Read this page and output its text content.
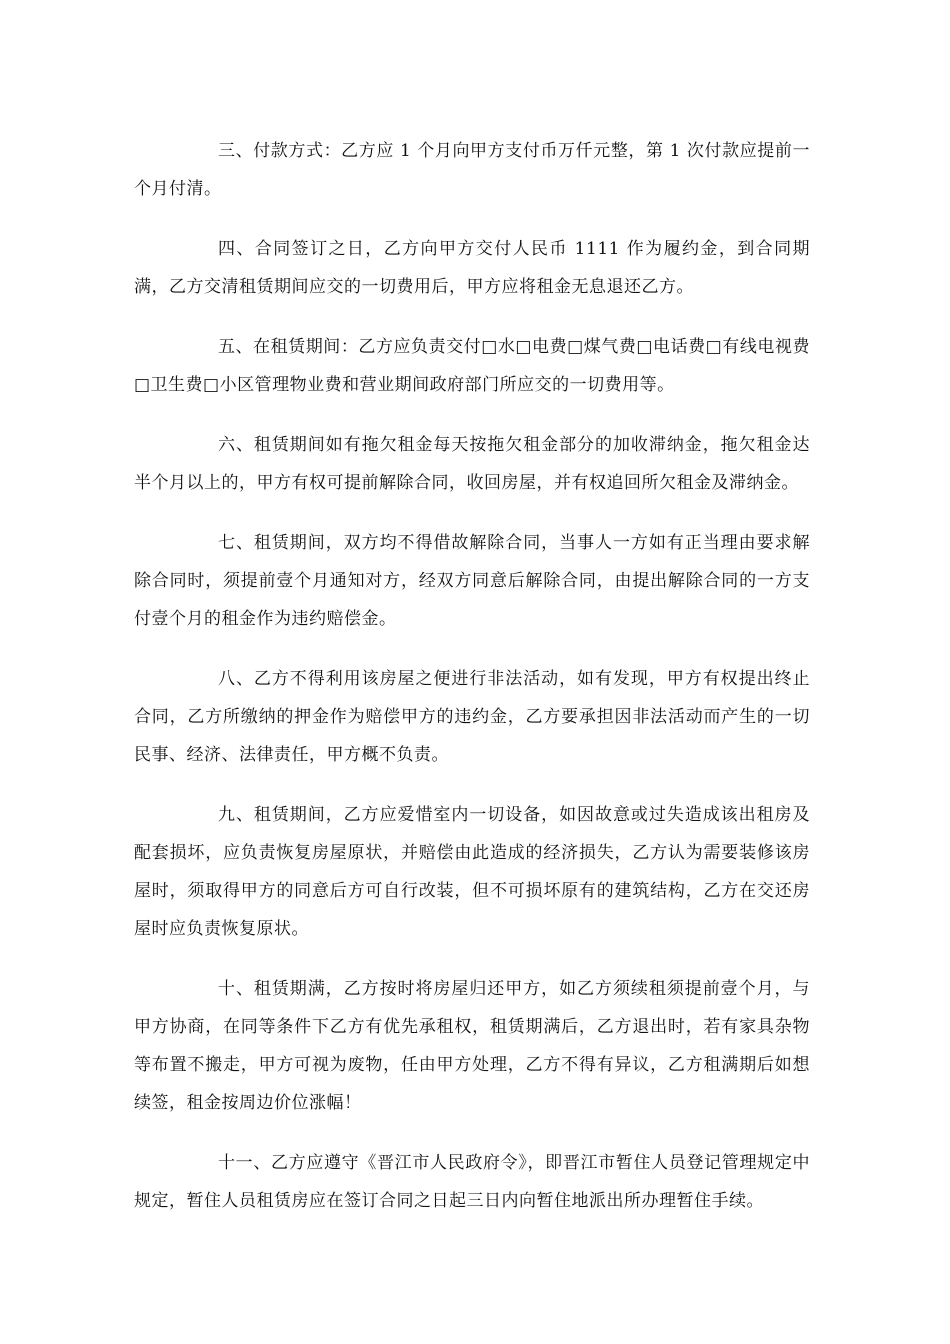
三、付款方式：乙方应 1 个月向甲方支付币万仟元整，第 1 次付款应提前一个月付清。

四、合同签订之日，乙方向甲方交付人民币 1111 作为履约金，到合同期满，乙方交清租赁期间应交的一切费用后，甲方应将租金无息退还乙方。

五、在租赁期间：乙方应负责交付□水□电费□煤气费□电话费□有线电视费□卫生费□小区管理物业费和营业期间政府部门所应交的一切费用等。

六、租赁期间如有拖欠租金每天按拖欠租金部分的加收滞纳金，拖欠租金达半个月以上的，甲方有权可提前解除合同，收回房屋，并有权追回所欠租金及滞纳金。

七、租赁期间，双方均不得借故解除合同，当事人一方如有正当理由要求解除合同时，须提前壹个月通知对方，经双方同意后解除合同，由提出解除合同的一方支付壹个月的租金作为违约赔偿金。

八、乙方不得利用该房屋之便进行非法活动，如有发现，甲方有权提出终止合同，乙方所缴纳的押金作为赔偿甲方的违约金，乙方要承担因非法活动而产生的一切民事、经济、法律责任，甲方概不负责。

九、租赁期间，乙方应爱惜室内一切设备，如因故意或过失造成该出租房及配套损坏，应负责恢复房屋原状，并赔偿由此造成的经济损失，乙方认为需要装修该房屋时，须取得甲方的同意后方可自行改装，但不可损坏原有的建筑结构，乙方在交还房屋时应负责恢复原状。

十、租赁期满，乙方按时将房屋归还甲方，如乙方须续租须提前壹个月，与甲方协商，在同等条件下乙方有优先承租权，租赁期满后，乙方退出时，若有家具杂物等布置不搬走，甲方可视为废物，任由甲方处理，乙方不得有异议，乙方租满期后如想续签，租金按周边价位涨幅！

十一、乙方应遵守《晋江市人民政府令》，即晋江市暂住人员登记管理规定中规定，暂住人员租赁房应在签订合同之日起三日内向暂住地派出所办理暂住手续。
